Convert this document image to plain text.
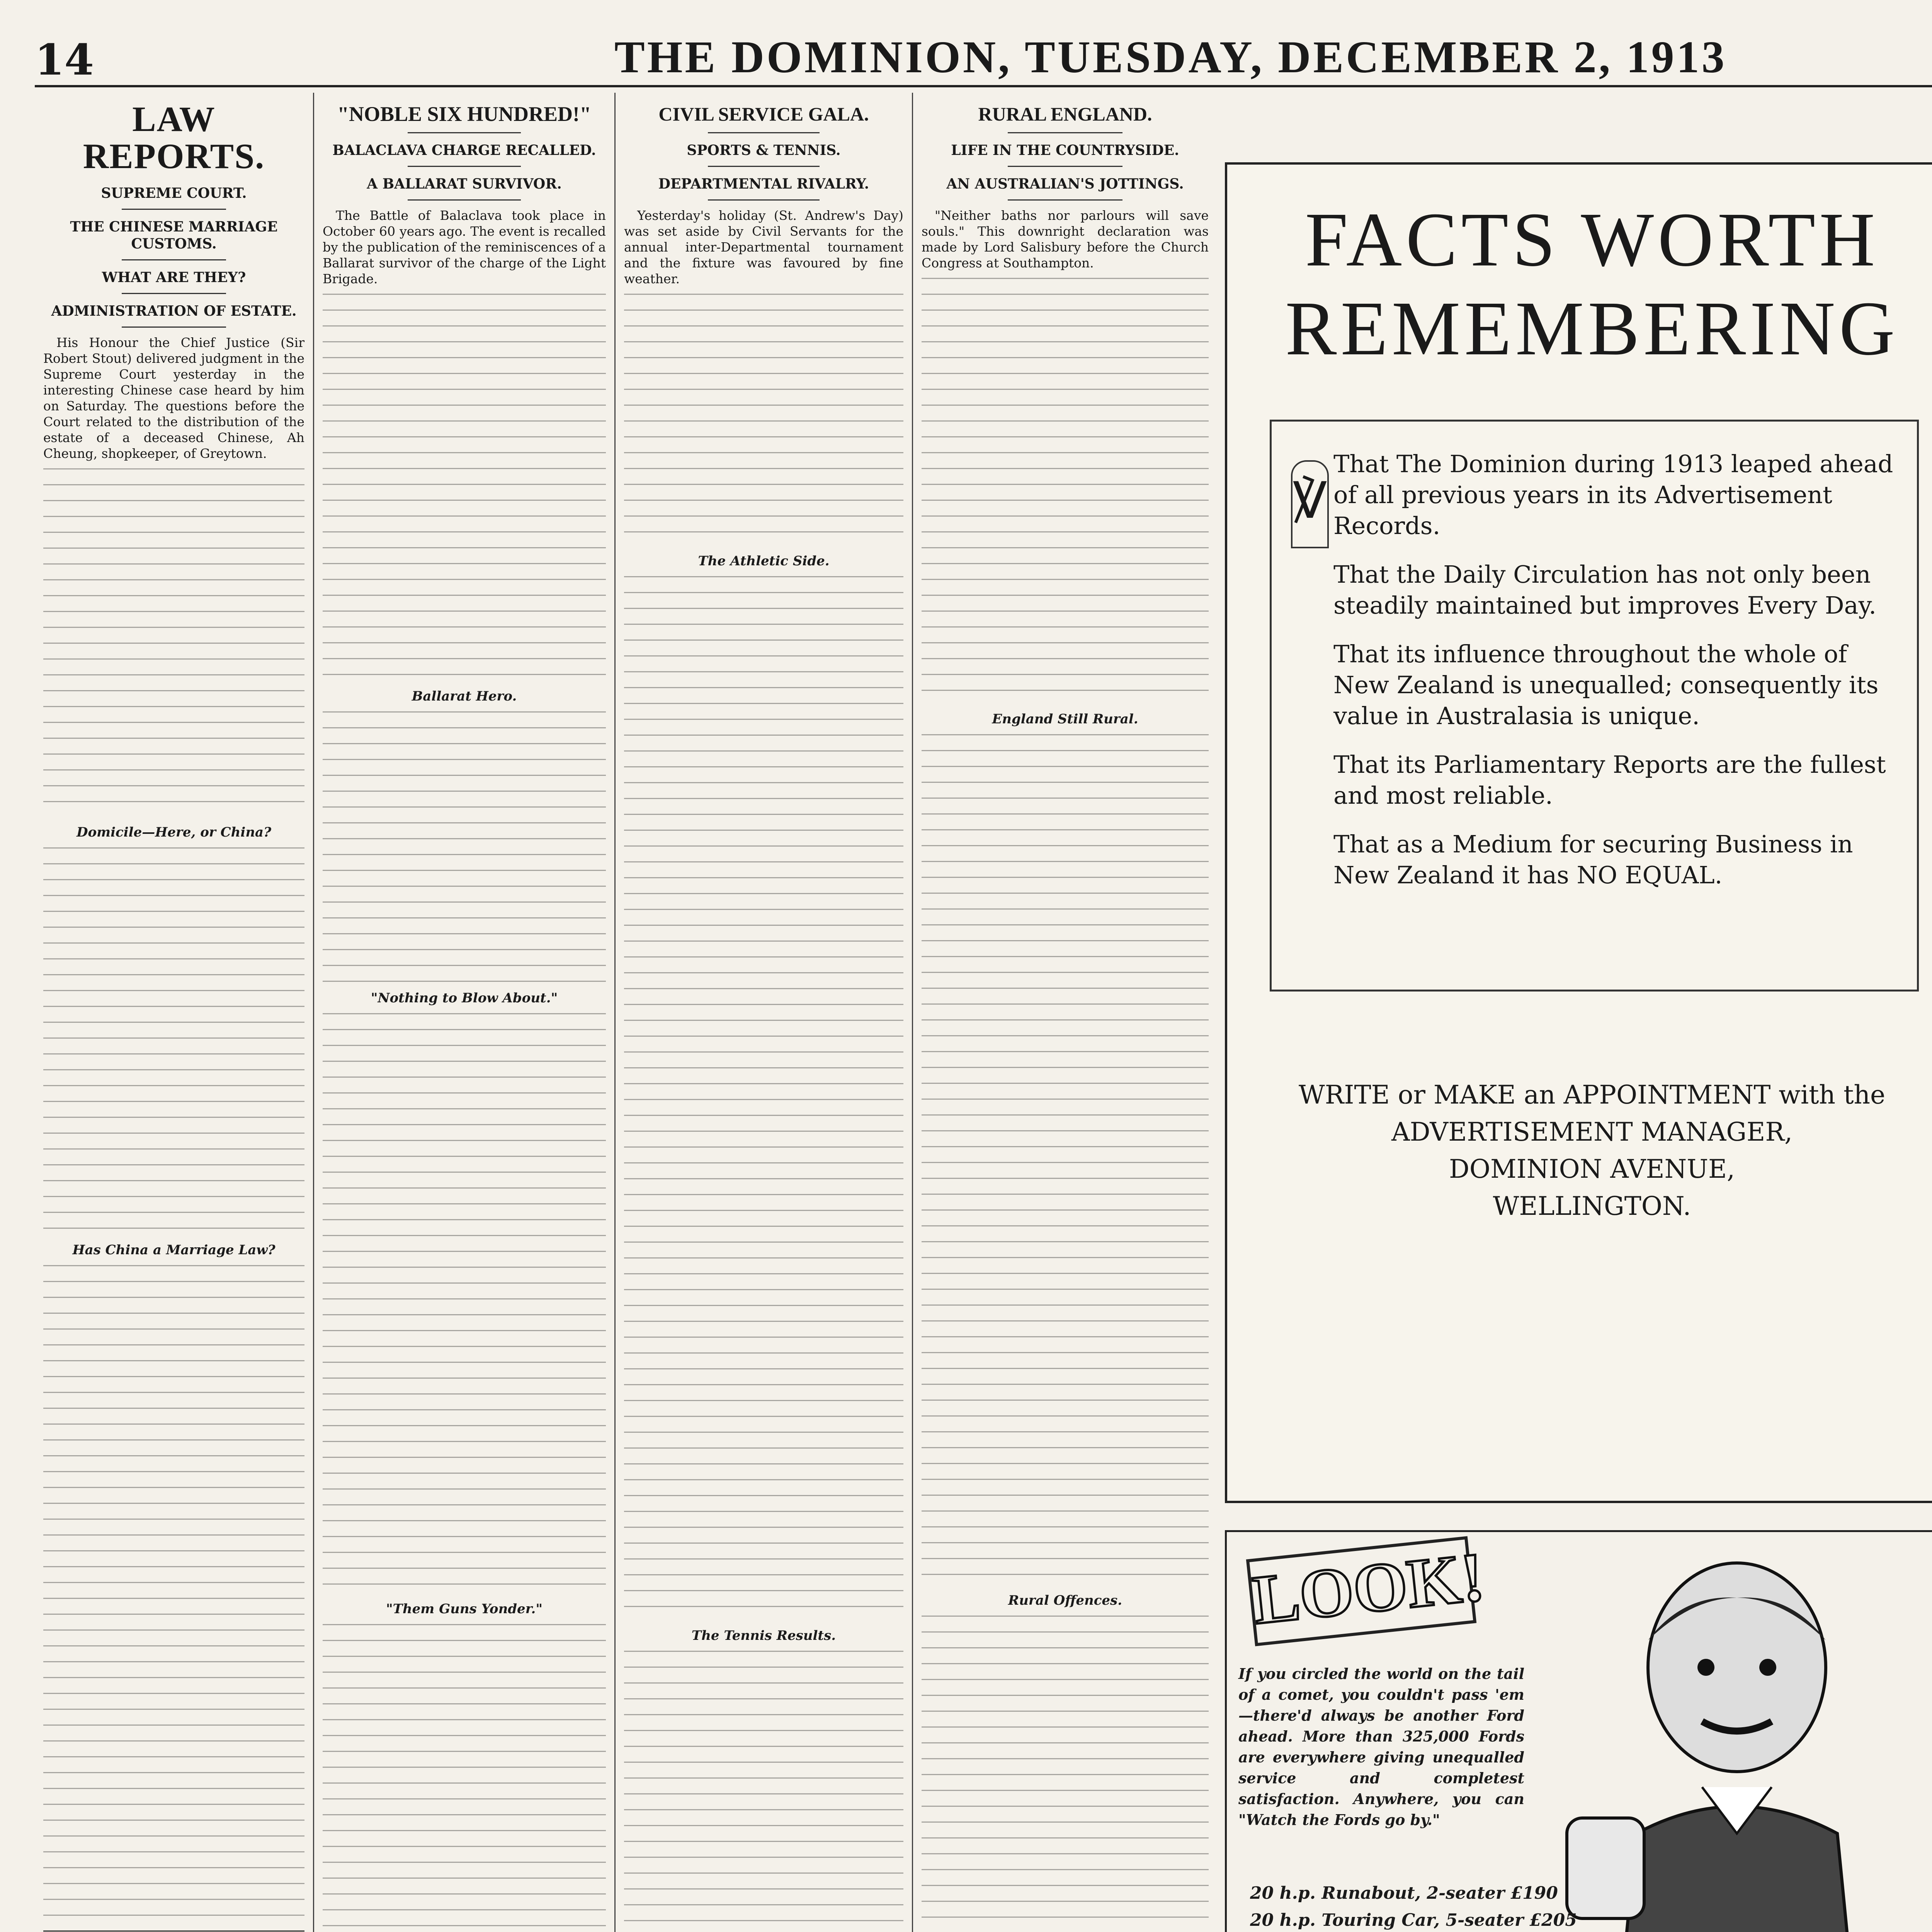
14	THE DOMINION, TUESDAY, DECEMBER 2, 1913
LAW REPORTS.
SUPREME COURT.
THE CHINESE MARRIAGE CUSTOMS.
WHAT ARE THEY?
ADMINISTRATION OF ESTATE.

His Honour the Chief Justice (Sir Robert Stout) delivered judgment in the Supreme Court yesterday in the interesting Chinese case heard by him on Saturday. The questions before the Court related to the distribution of the estate of a deceased Chinese, Ah Cheung, shopkeeper, of Greytown.

Domicile—Here, or China?
Has China a Marriage Law?

"NOBLE SIX HUNDRED!"
BALACLAVA CHARGE RECALLED.
A BALLARAT SURVIVOR.

The Battle of Balaclava took place in October 60 years ago. The event is recalled by the publication of the reminiscences of a Ballarat survivor of the charge of the Light Brigade.

Ballarat Hero.
"Nothing to Blow About."
"Them Guns Yonder."
CIVIL SERVICE GALA.
SPORTS & TENNIS.
DEPARTMENTAL RIVALRY.

Yesterday's holiday (St. Andrew's Day) was set aside by Civil Servants for the annual inter-Departmental tournament and the fixture was favoured by fine weather.

The Athletic Side.
The Tennis Results.
RURAL ENGLAND.
LIFE IN THE COUNTRYSIDE.
AN AUSTRALIAN'S JOTTINGS.

"Neither baths nor parlours will save souls." This downright declaration was made by Lord Salisbury before the Church Congress at Southampton.

England Still Rural.
Rural Offences.
FACTS WORTH
REMEMBERING
℣

That The Dominion during 1913 leaped ahead of all previous years in its Advertisement Records.

That the Daily Circulation has not only been steadily maintained but improves Every Day.

That its influence throughout the whole of New Zealand is unequalled; consequently its value in Australasia is unique.

That its Parliamentary Reports are the fullest and most reliable.

That as a Medium for securing Business in New Zealand it has NO EQUAL.

WRITE or MAKE an APPOINTMENT with the
ADVERTISEMENT MANAGER,
DOMINION AVENUE,
WELLINGTON.
LOOK!
If you circled the world on the tail of a comet, you couldn't pass 'em—there'd always be another Ford ahead. More than 325,000 Fords are everywhere giving unequalled service and completest satisfaction. Anywhere, you can "Watch the Fords go by."
20 h.p. Runabout, 2-seater £190
20 h.p. Touring Car, 5-seater £205
